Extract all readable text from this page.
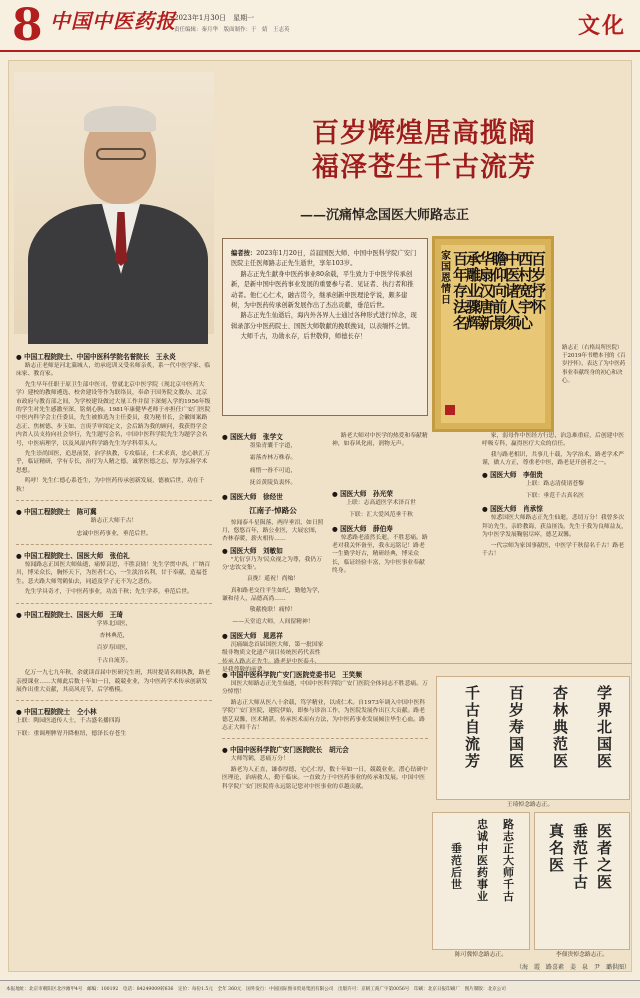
8 中国中医药报
2023年1月30日　星期一
责任编辑：秦月华　版面制作：于　婧　王志英	文化
百岁辉煌居高揽阔
福泽苍生千古流芳
——沉痛悼念国医大师路志正

编者按：2023年1月20日，首届国医大师、中国中医科学院广安门医院主任医师路志正先生逝世，享年103岁。

路志正先生献身中医药事业80余载，平生致力于中医学传承创新，是新中国中医药事业发展的重要参与者、见证者、执行者和推动者。他仁心仁术，融古贯今，继承创新中医理论学说，颇多建树，为中医药传承创新发展作出了杰出贡献，垂范后世。

路志正先生仙逝后，海内外各界人士通过各种形式进行悼念，现辑录部分中医药院士、国医大师敬献的挽联挽词，以表缅怀之情。

大师千古，功勋永存，后世敬仰，师德长存！

百岁抒怀
西村宽宇心
中医诸人须
瞻仰向前景
华扇汉唐新
承雕业骤辉
百年存法名
家国恩情日
路志正（右格局所医院）于2019年书赠本刊的《百岁抒怀》，表达了为中医药事业奉献终身的初心和决心。
● 中国工程院院士、中国中医科学院名誉院长　王永炎

路志正老师是河北藁城人，幼承庭训又受名师亲炙，系一代中医学家、临床家、教育家。

先生早年任职于原卫生部中医司，曾就北京中医学院（现北京中医药大学）建校的教师遴选、校舍建设等作为联络员，奉命于国务院文教办、北京市政府与教育部之间，为学校建设做过大量工作并留下深刻入学的1956年级的学生对先生感激至深，铭刻心胸。1981年康健华老师于亦担任广安门医院中医内科学会主任委员，先生被推选为主任委员，我为秘书长，会徽图案路志正、焦树德、步玉如、言庚孚审阅定文，会后路为我的顾问，我获得学会内省人员支持向社会举行，先生题写会名，中国中医科学院先生为题学会名号，中医病理学，以及风湿内科学路先生为学科带头人。

先生崇尚国医，追思前贤，治学执教，专攻临证，仁术求真，忠心耿汇万乎，临证精研，学有专长，治疗为人精之德，诚掌医德之忘，厚为弘扬学术思想。

呜呼！先生仁德心系苍生，为中医药传承创新发展，德被后世，功在千秋！

● 中国工程院院士　陈可冀
路志正大师千古！
忠诚中医药事业，垂范后世。
● 中国工程院院士、国医大师　张伯礼

惊闻路志正国医大师仙逝，痛悼哀思，不胜哀恸！先生学贯中西，广纳百川，博采众长，胸怀天下，为医者仁心，一生淡泊名利，甘于奉献，造福苍生。悲夫路大师驾鹤仙去，同道及学子无不为之悲伤。

先生学具奇才，于中医药事业，功盖千秋；先生学养，垂范后世。

● 中国工程院院士、国医大师　王琦
学界北国医，
杏林典范，
百岁寿国医，
千古自流芳。

亿万一九七九年秋，余就读首届中医研究生班，其时提请名师执教，路老亲授课业……大师此后数十年如一日，兢兢业业，为中医药学术传承创新发展作出重大贡献，其高风亮节，后学楷模。

● 中国工程院院士　仝小林
上联：陶园医道传人士，千古盛名播四海
下联：重调理脾胃升降枢纽，德泽长存苍生
● 国医大师　张学文
墨染青囊千字道，
霜落杏林万株春。
痛惜一眷不可追，
抚首黄陵负衷怀。
● 国医大师　徐经世
江南子·悼路公

惊闻泰斗星陨落，两岸垂泪，如日照月，悠悠百年，路公业医，大展宏图，杏林春暖，薪火相传……

● 国医大师　刘敏如

"尤衍享乃为'民众视之为尊，我仍万分'忠饮交集'。

哀挽！遥祝！尚飨！

真和路老交往平生如纪，勤勉为学，谦和待人，品德高尚……

敬献挽联！痛悼！
——天堂追大师，人间留精神！
● 国医大师　晁恩祥

沉痛缅念首届国医大师，第一批国家级非物质文化遗产项目传统医药代表性传承人路志正先生。路老是中医泰斗，是我尊敬的前辈。

路老大师对中医学的热爱和奉献精神，如春风化雨，润物无声。

● 国医大师　孙光荣
上联：志高道医学术泽百世
下联：汇大爱风范垂千秋
● 国医大师　薛伯寿

惊悉路老溘然长逝，不胜悲痛。路老对我关怀备至，我永远铭记！路老一生勤学好古，精研经典，博采众长，临证经验丰富，为中医事业奉献终身。

家，弱母作中医经方行思，治急难重症，后创建中医呼吸专科，赢得医疗大众的信任。

我与路老相识，共事几十载，为学治术，路老学术严谨，做人方正，尊重老中医，路老是开创者之一。

● 国医大师　李佃贵
上联：路志清使诸苍黎
下联：垂范千古真名医
● 国医大师　肖承悰

惊悉国医大师路志正先生仙逝，悲切万分！我曾多次拜访先生，亲聆教诲，获益匪浅。先生于我为良师益友，为中医学发展鞠躬尽瘁，德艺双馨。

一代宗师为家国事献医，中医学千秋留名千古！路老千古！

● 中国中医科学院广安门医院党委书记　王笑频

国医大师路志正先生仙逝，中国中医科学院广安门医院全体同志不胜悲痛。万分悼惜！

路志正大师从医八十余载，笃学精业，以成仁术。自1973年调入中国中医科学院广安门医院，建院伊始，即参与诊治工作，为医院发展作出巨大贡献。路老德艺双馨，医术精湛，传承医术而有方法，为中医药事业发展倾注毕生心血。路志正大师千古！

● 中国中医科学院广安门医院院长　胡元会

大师驾鹤，悲痛万分！

路老为人正直，谦恭厚德，宅心仁厚，数十年如一日，兢兢业业，潜心钻研中医理论，治病救人，勤于临床。一直致力于中医药事业的传承和发展。中国中医科学院广安门医院将永远铭记您对中医事业的卓越贡献。

学界北国医
杏林典范医
百岁寿国医
千古自流芳
王琦悼念路志正。
路志正大师千古
忠诚中医药事业
垂范后世
医者之医
垂范千古
真名医
陈可冀悼念路志正。	李佃贵悼念路志正。
（海　霞　路喜素　姜　泉　尹　璐供图）
本报地址：北京市朝阳区北沙滩甲4号　邮编：100192　电话：84249009转636　定价：每份1.5元　全年 360元　国外发行：中国国际图书贸易集团有限公司　出版许可：京朝工商广字第0056号　印刷：北京日报印刷厂　图片制版：北京公司
